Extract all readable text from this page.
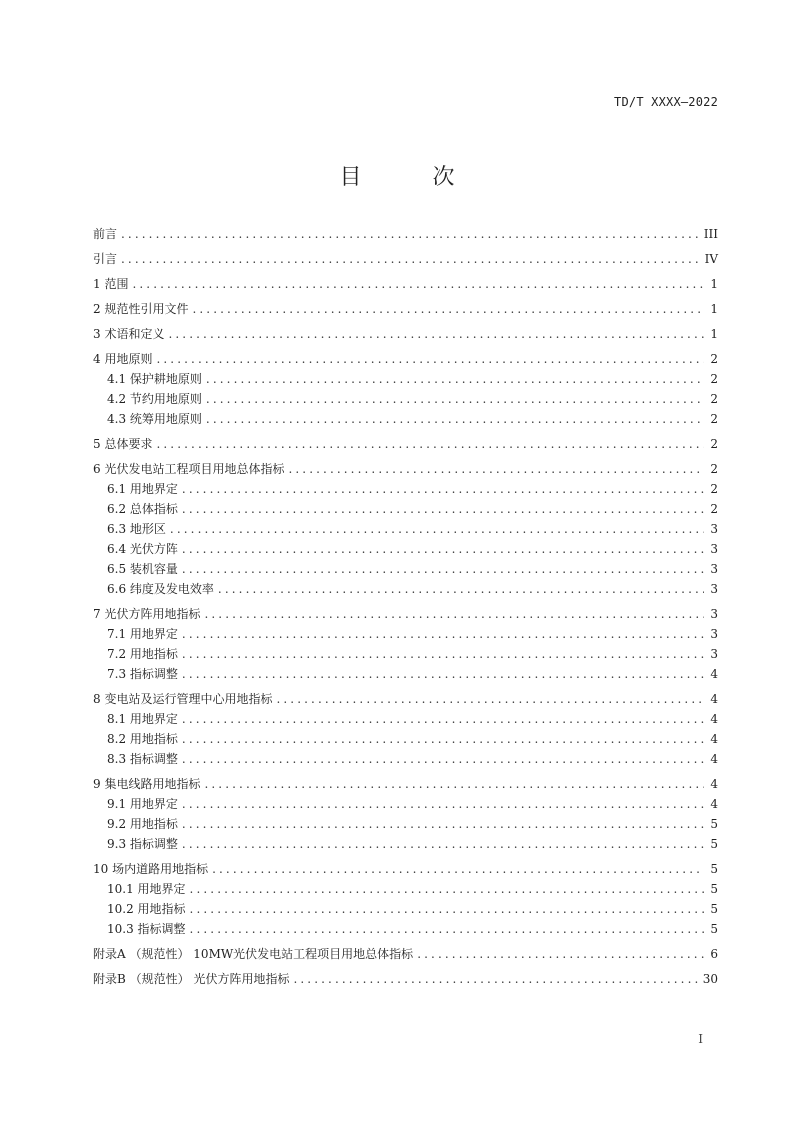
TD/T XXXX—2022
目 次
前言 .....	III
引言 .....	IV
1 范围 .....	1
2 规范性引用文件 .....	1
3 术语和定义 .....	1
4 用地原则 .....	2
4.1 保护耕地原则 .....	2
4.2 节约用地原则 .....	2
4.3 统筹用地原则 .....	2
5 总体要求 .....	2
6 光伏发电站工程项目用地总体指标 .....	2
6.1 用地界定 .....	2
6.2 总体指标 .....	2
6.3 地形区 .....	3
6.4 光伏方阵 .....	3
6.5 装机容量 .....	3
6.6 纬度及发电效率 .....	3
7 光伏方阵用地指标 .....	3
7.1 用地界定 .....	3
7.2 用地指标 .....	3
7.3 指标调整 .....	4
8 变电站及运行管理中心用地指标 .....	4
8.1 用地界定 .....	4
8.2 用地指标 .....	4
8.3 指标调整 .....	4
9 集电线路用地指标 .....	4
9.1 用地界定 .....	4
9.2 用地指标 .....	5
9.3 指标调整 .....	5
10 场内道路用地指标 .....	5
10.1 用地界定 .....	5
10.2 用地指标 .....	5
10.3 指标调整 .....	5
附录A （规范性） 10MW光伏发电站工程项目用地总体指标 .....	6
附录B （规范性） 光伏方阵用地指标 .....	30
I
